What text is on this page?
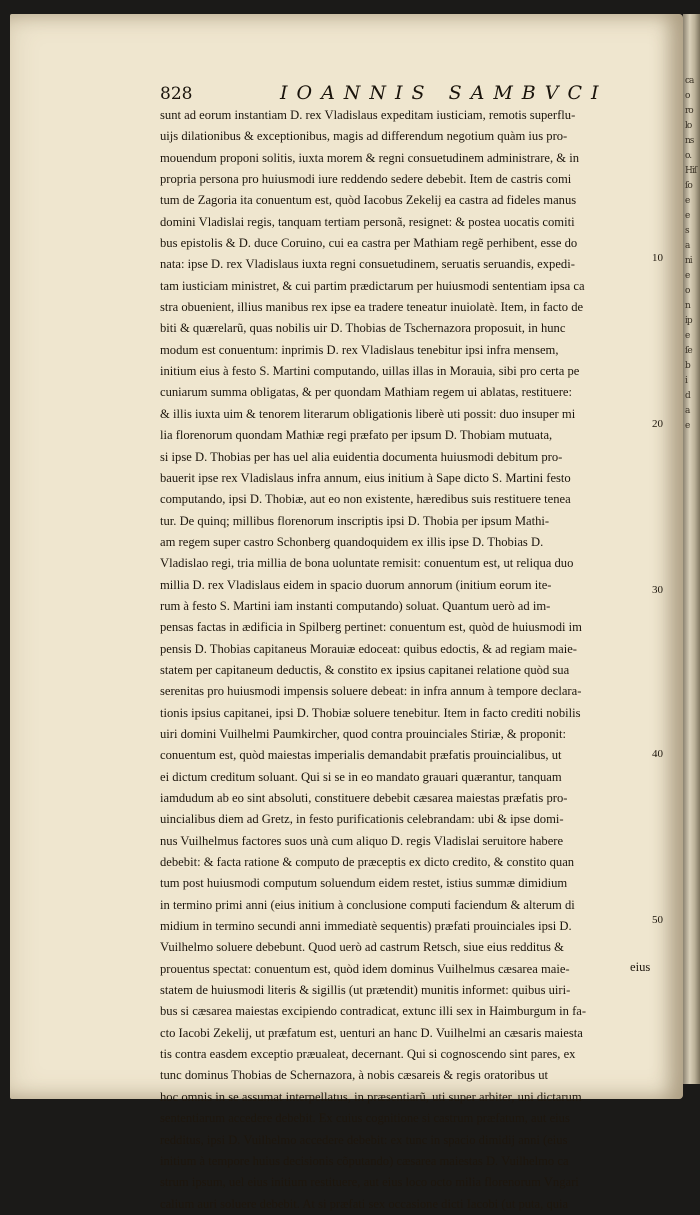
828	IOANNIS SAMBVCI
sunt ad eorum instantiam D. rex Vladislaus expeditam iusticiam, remotis superflu-
uijs dilationibus & exceptionibus, magis ad differendum negotium quàm ius pro-
mouendum proponi solitis, iuxta morem & regni consuetudinem administrare, & in
propria persona pro huiusmodi iure reddendo sedere debebit. Item de castris comi
tum de Zagoria ita conuentum est, quòd Iacobus Zekelij ea castra ad fideles manus
domini Vladislai regis, tanquam tertiam personã, resignet: & postea uocatis comiti
bus epistolis & D. duce Coruino, cui ea castra per Mathiam regẽ perhibent, esse do
nata: ipse D. rex Vladislaus iuxta regni consuetudinem, seruatis seruandis, expedi-
tam iusticiam ministret, & cui partim prædictarum per huiusmodi sententiam ipsa ca
stra obuenient, illius manibus rex ipse ea tradere teneatur inuiolatè. Item, in facto de
biti & quærelarũ, quas nobilis uir D. Thobias de Tschernazora proposuit, in hunc
modum est conuentum: inprimis D. rex Vladislaus tenebitur ipsi infra mensem,
initium eius à festo S. Martini computando, uillas illas in Morauia, sibi pro certa pe
cuniarum summa obligatas, & per quondam Mathiam regem ui ablatas, restituere:
& illis iuxta uim & tenorem literarum obligationis liberè uti possit: duo insuper mi
lia florenorum quondam Mathiæ regi præfato per ipsum D. Thobiam mutuata,
si ipse D. Thobias per has uel alia euidentia documenta huiusmodi debitum pro-
bauerit ipse rex Vladislaus infra annum, eius initium à Sape dicto S. Martini festo
computando, ipsi D. Thobiæ, aut eo non existente, hæredibus suis restituere tenea
tur. De quinq; millibus florenorum inscriptis ipsi D. Thobia per ipsum Mathi-
am regem super castro Schonberg quandoquidem ex illis ipse D. Thobias D.
Vladislao regi, tria millia de bona uoluntate remisit: conuentum est, ut reliqua duo
millia D. rex Vladislaus eidem in spacio duorum annorum (initium eorum ite-
rum à festo S. Martini iam instanti computando) soluat. Quantum uerò ad im-
pensas factas in ædificia in Spilberg pertinet: conuentum est, quòd de huiusmodi im
pensis D. Thobias capitaneus Morauiæ edoceat: quibus edoctis, & ad regiam maie-
statem per capitaneum deductis, & constito ex ipsius capitanei relatione quòd sua
serenitas pro huiusmodi impensis soluere debeat: in infra annum à tempore declara-
tionis ipsius capitanei, ipsi D. Thobiæ soluere tenebitur. Item in facto crediti nobilis
uiri domini Vuilhelmi Paumkircher, quod contra prouinciales Stiriæ, & proponit:
conuentum est, quòd maiestas imperialis demandabit præfatis prouincialibus, ut
ei dictum creditum soluant. Qui si se in eo mandato grauari quærantur, tanquam
iamdudum ab eo sint absoluti, constituere debebit cæsarea maiestas præfatis pro-
uincialibus diem ad Gretz, in festo purificationis celebrandam: ubi & ipse domi-
nus Vuilhelmus factores suos unà cum aliquo D. regis Vladislai seruitore habere
debebit: & facta ratione & computo de præceptis ex dicto credito, & constito quan
tum post huiusmodi computum soluendum eidem restet, istius summæ dimidium
in termino primi anni (eius initium à conclusione computi faciendum & alterum di
midium in termino secundi anni immediatè sequentis) præfati prouinciales ipsi D.
Vuilhelmo soluere debebunt. Quod uerò ad castrum Retsch, siue eius redditus &
prouentus spectat: conuentum est, quòd idem dominus Vuilhelmus cæsarea maie-
statem de huiusmodi literis & sigillis (ut prætendit) munitis informet: quibus uiri-
bus si cæsarea maiestas excipiendo contradicat, extunc illi sex in Haimburgum in fa-
cto Iacobi Zekelij, ut præfatum est, uenturi an hanc D. Vuilhelmi an cæsaris maiesta
tis contra easdem exceptio præualeat, decernant. Qui si cognoscendo sint pares, ex
tunc dominus Thobias de Schernazora, à nobis cæsareis & regis oratoribus ut
hoc omnis in se assumat interpellatus, in præsentiarũ, uti super arbiter, uni dictarum
sententiarum accedere debebit. Ex cuius cognitione si castrum præfatum, aut eius
redditus, ipsi D. Vuilhelmo accedere debebit: ex tunc in spacio dimidij anni (eius
initium à tempore huius decisionis cõputando) cæsarea maiestas D. Vuilhelmo ca
strum ipsum, uel eius initium restituere, aut eius loco octo milia florenorum Vngari
calium auri soluere debebit. At si præfati sex occasione dicti Iacobi (ut puta, quia
10
20
30
40
50
eius
ca
o
ro
lo
ns
o.
Hiſ
ſo
e
e
s
a
ni
e
o
n
ip
e
ſe
b
i
d
a
e
